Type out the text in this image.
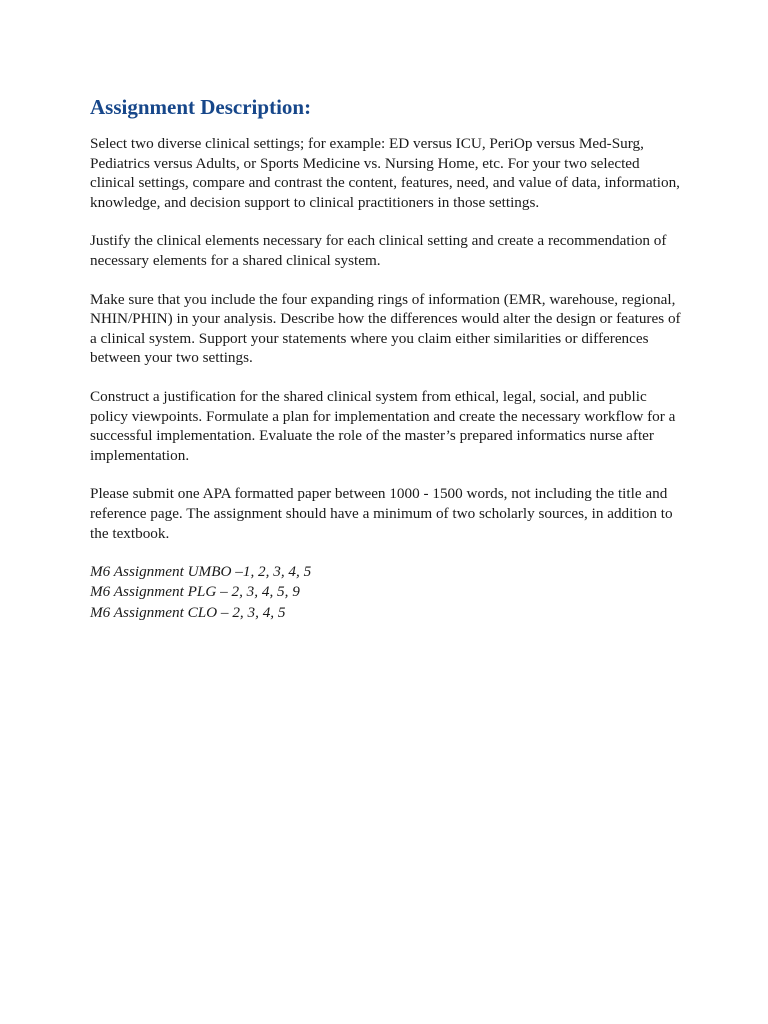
Assignment Description:

Select two diverse clinical settings; for example: ED versus ICU, PeriOp versus Med-Surg, Pediatrics versus Adults, or Sports Medicine vs. Nursing Home, etc. For your two selected clinical settings, compare and contrast the content, features, need, and value of data, information, knowledge, and decision support to clinical practitioners in those settings.

Justify the clinical elements necessary for each clinical setting and create a recommendation of necessary elements for a shared clinical system.

Make sure that you include the four expanding rings of information (EMR, warehouse, regional, NHIN/PHIN) in your analysis. Describe how the differences would alter the design or features of a clinical system. Support your statements where you claim either similarities or differences between your two settings.

Construct a justification for the shared clinical system from ethical, legal, social, and public policy viewpoints. Formulate a plan for implementation and create the necessary workflow for a successful implementation. Evaluate the role of the master’s prepared informatics nurse after implementation.

Please submit one APA formatted paper between 1000 - 1500 words, not including the title and reference page. The assignment should have a minimum of two scholarly sources, in addition to the textbook.

M6 Assignment UMBO –1, 2, 3, 4, 5
M6 Assignment PLG – 2, 3, 4, 5, 9
M6 Assignment CLO – 2, 3, 4, 5
